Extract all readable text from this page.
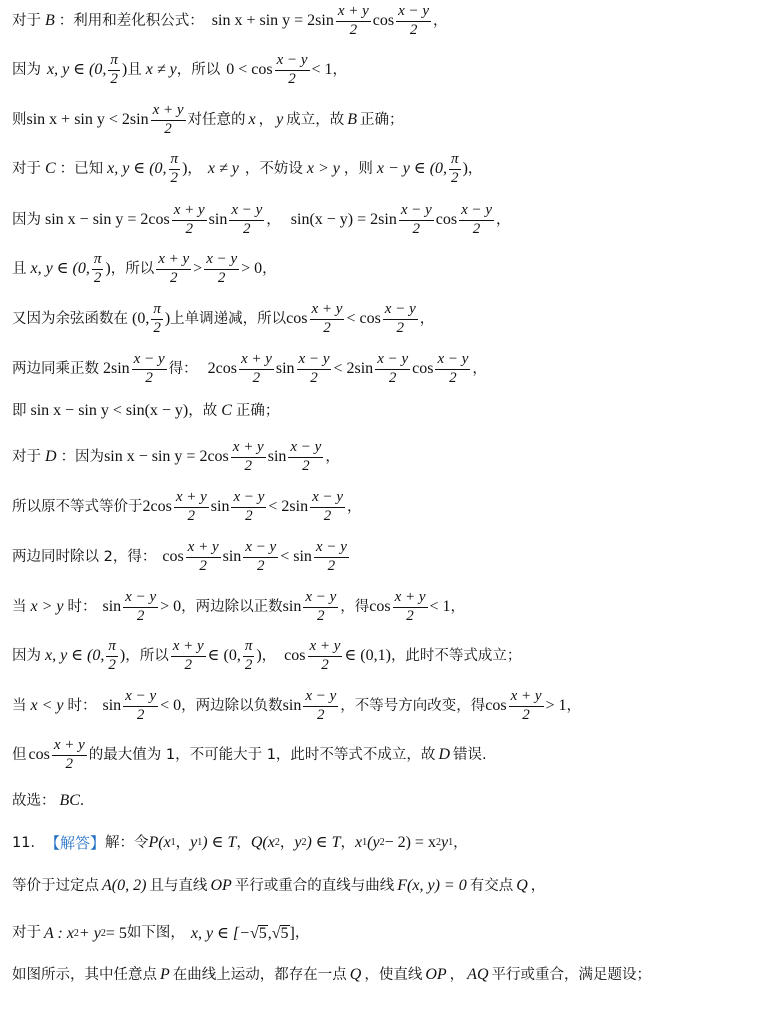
对于 B ：利用和差化积公式： sin x + sin y = 2sin
x + y
2
cos
x − y
2
，
因为 x, y ∈ (0,
π
2
) 且 x ≠ y ，所以 0 < cos
x − y
2
< 1 ，
则 sin x + sin y < 2sin
x + y
2
对任意的 x ， y 成立，故 B 正确；
对于 C ：已知 x, y ∈ (0,
π
2
) ， x ≠ y ，不妨设 x > y ，则 x − y ∈ (0,
π
2
) ，
因为 sin x − sin y = 2cos
x + y
2
sin
x − y
2
， sin(x − y) = 2sin
x − y
2
cos
x − y
2
，
且 x, y ∈ (0,
π
2
) ，所以
x + y
2
>
x − y
2
> 0 ，
又因为余弦函数在 (0,
π
2
) 上单调递减，所以 cos
x + y
2
< cos
x − y
2
，
两边同乘正数 2sin
x − y
2
得： 2cos
x + y
2
sin
x − y
2
< 2sin
x − y
2
cos
x − y
2
，
即 sin x − sin y < sin(x − y) ，故 C 正确；
对于 D ：因为 sin x − sin y = 2cos
x + y
2
sin
x − y
2
，
所以原不等式等价于 2cos
x + y
2
sin
x − y
2
< 2sin
x − y
2
，
两边同时除以 2，得： cos
x + y
2
sin
x − y
2
< sin
x − y
2
当 x > y 时： sin
x − y
2
> 0 ，两边除以正数 sin
x − y
2
，得 cos
x + y
2
< 1 ，
因为 x, y ∈ (0,
π
2
) ，所以
x + y
2
∈ (0,
π
2
) ， cos
x + y
2
∈ (0,1) ，此时不等式成立；
当 x < y 时： sin
x − y
2
< 0 ，两边除以负数 sin
x − y
2
，不等号方向改变，得 cos
x + y
2
> 1 ，
但 cos
x + y
2
的最大值为 1，不可能大于 1，此时不等式不成立，故 D 错误.
故选： BC .
11． 【解答】 解：令 P(x 1 ， y 1 ) ∈ T ， Q(x 2 ， y 2 ) ∈ T ， x 1 (y 2 − 2) = x 2 y 1 ，
等价于过定点 A(0, 2) 且与直线 OP 平行或重合的直线与曲线 F(x, y) = 0 有交点 Q ，
对于 A : x 2 + y 2 = 5 如下图， x, y ∈ [− √ 5 , √ 5 ] ，
如图所示，其中任意点 P 在曲线上运动，都存在一点 Q ，使直线 OP ， AQ 平行或重合，满足题设；
